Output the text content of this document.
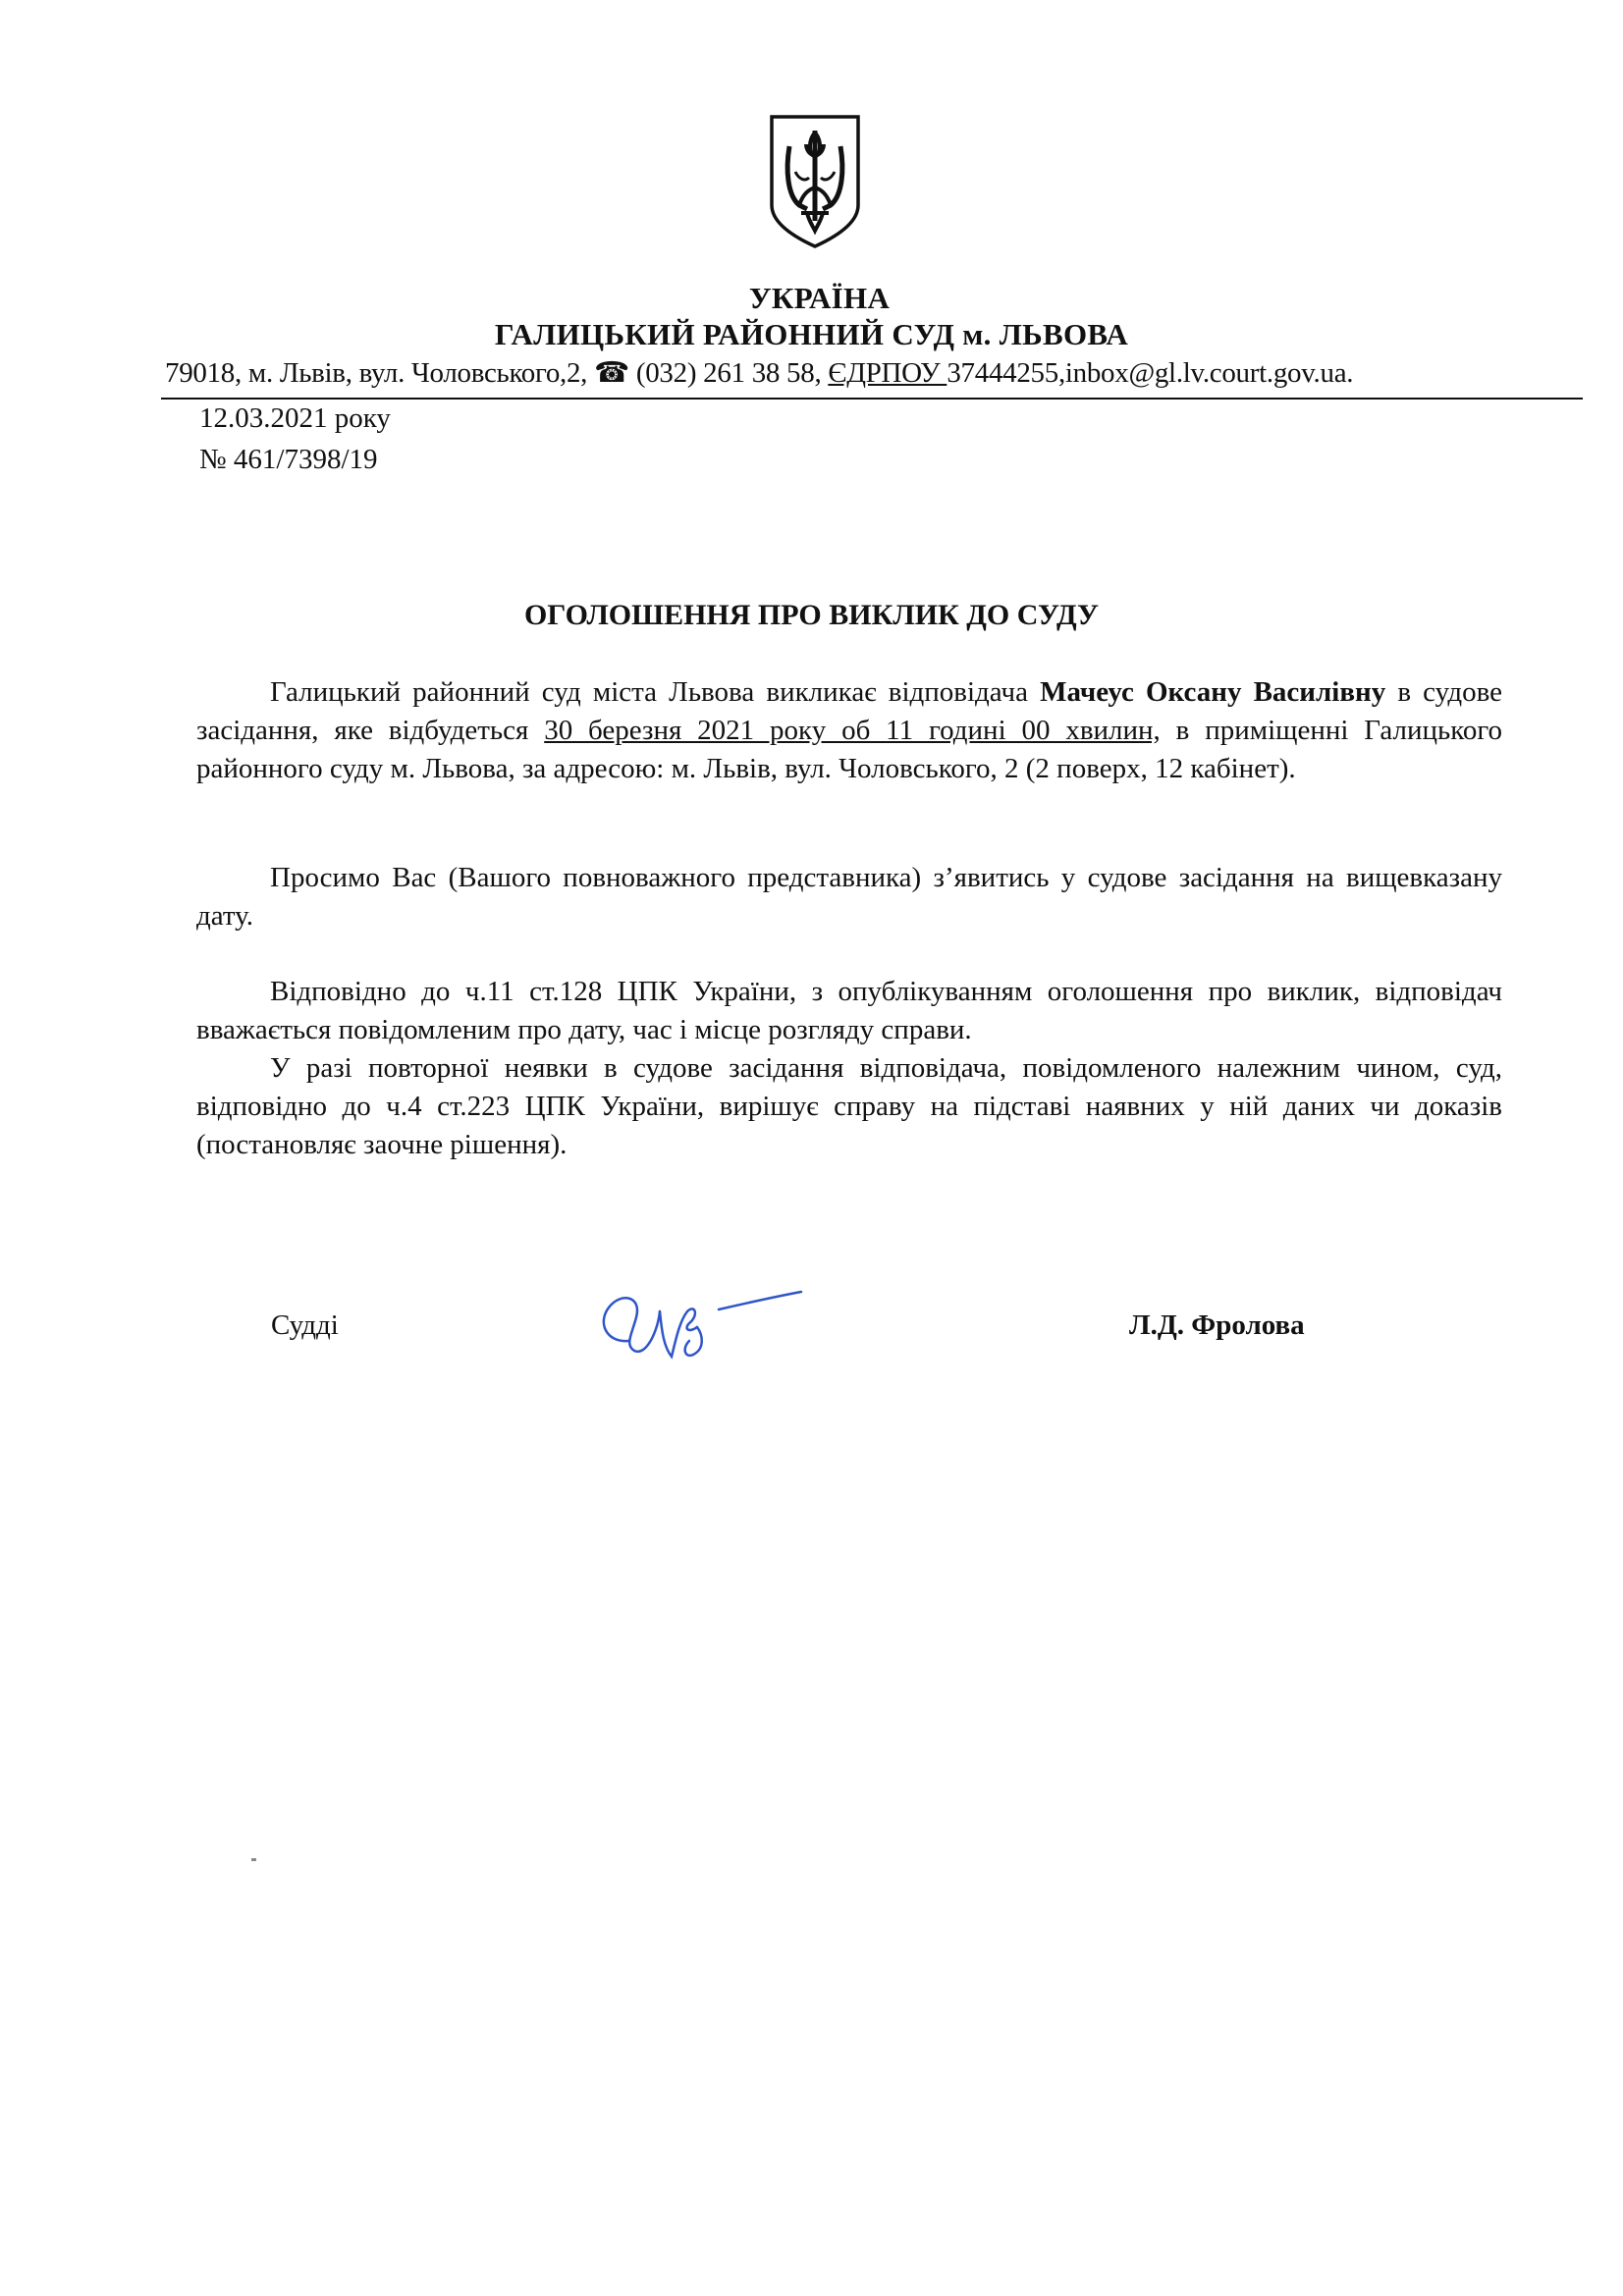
УКРАЇНА
ГАЛИЦЬКИЙ РАЙОННИЙ СУД м. ЛЬВОВА
79018, м. Львів, вул. Чоловського,2, ☎ (032) 261 38 58, ЄДРПОУ 37444255,inbox@gl.lv.court.gov.ua.
12.03.2021 року
№ 461/7398/19
ОГОЛОШЕННЯ ПРО ВИКЛИК ДО СУДУ
Галицький районний суд міста Львова викликає відповідача Мачеус Оксану Василівну в судове засідання, яке відбудеться 30 березня 2021 року об 11 годині 00 хвилин, в приміщенні Галицького районного суду м. Львова, за адресою: м. Львів, вул. Чоловського, 2 (2 поверх, 12 кабінет).
Просимо Вас (Вашого повноважного представника) з’явитись у судове засідання на вищевказану дату.
Відповідно до ч.11 ст.128 ЦПК України, з опублікуванням оголошення про виклик, відповідач вважається повідомленим про дату, час і місце розгляду справи.
У разі повторної неявки в судове засідання відповідача, повідомленого належним чином, суд, відповідно до ч.4 ст.223 ЦПК України, вирішує справу на підставі наявних у ній даних чи доказів (постановляє заочне рішення).
Судді	Л.Д. Фролова
